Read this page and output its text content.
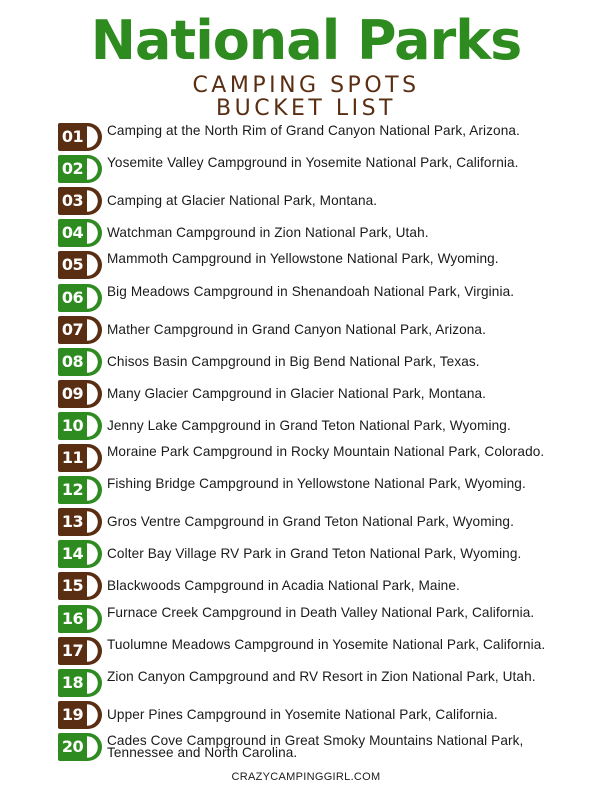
National Parks
CAMPING SPOTS
BUCKET LIST
01 Camping at the North Rim of Grand Canyon National Park, Arizona.
02 Yosemite Valley Campground in Yosemite National Park, California.
03 Camping at Glacier National Park, Montana.
04 Watchman Campground in Zion National Park, Utah.
05 Mammoth Campground in Yellowstone National Park, Wyoming.
06 Big Meadows Campground in Shenandoah National Park, Virginia.
07 Mather Campground in Grand Canyon National Park, Arizona.
08 Chisos Basin Campground in Big Bend National Park, Texas.
09 Many Glacier Campground in Glacier National Park, Montana.
10 Jenny Lake Campground in Grand Teton National Park, Wyoming.
11 Moraine Park Campground in Rocky Mountain National Park, Colorado.
12 Fishing Bridge Campground in Yellowstone National Park, Wyoming.
13 Gros Ventre Campground in Grand Teton National Park, Wyoming.
14 Colter Bay Village RV Park in Grand Teton National Park, Wyoming.
15 Blackwoods Campground in Acadia National Park, Maine.
16 Furnace Creek Campground in Death Valley National Park, California.
17 Tuolumne Meadows Campground in Yosemite National Park, California.
18 Zion Canyon Campground and RV Resort in Zion National Park, Utah.
19 Upper Pines Campground in Yosemite National Park, California.
20 Cades Cove Campground in Great Smoky Mountains National Park, Tennessee and North Carolina.
CRAZYCAMPINGGIRL.COM
